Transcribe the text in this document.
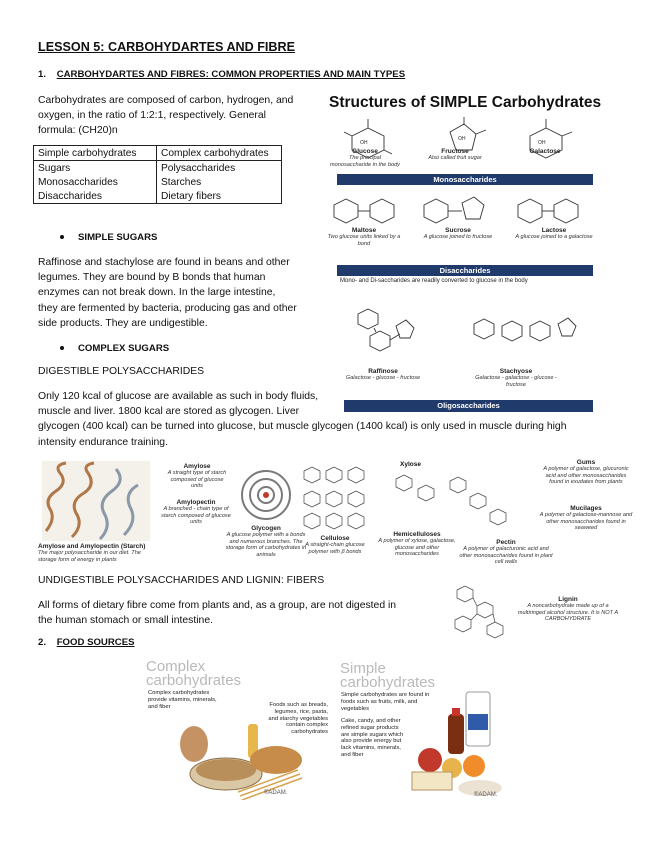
LESSON 5: CARBOHYDARTES AND FIBRE
1. CARBOHYDARTES AND FIBRES: COMMON PROPERTIES AND MAIN TYPES
Carbohydrates are composed of carbon, hydrogen, and
oxygen, in the ratio of 1:2:1, respectively. General
formula: (CH20)n
Simple carbohydrates	Complex carbohydrates
Sugars	Polysaccharides
Monosaccharides	Starches
Disaccharides	Dietary fibers
SIMPLE SUGARS
Raffinose and stachylose are found in beans and other
legumes. They are bound by B bonds that human
enzymes can not break down. In the large intestine,
they are fermented by bacteria, producing gas and other
side products. They are undigestible.
COMPLEX SUGARS
DIGESTIBLE POLYSACCHARIDES
Only 120 kcal of glucose are available as such in body fluids,
muscle and liver. 1800 kcal are stored as glycogen. Liver
glycogen (400 kcal) can be turned into glucose, but muscle glycogen (1400 kcal) is only used in muscle during high
intensity endurance training.
Structures of SIMPLE Carbohydrates
OH
OH
OH
Glucose
The principal monosaccharide in the body
Fructose
Also called fruit sugar
Galactose
Monosaccharides
Maltose
Two glucose units linked by a bond
Sucrose
A glucose joined to fructose
Lactose
A glucose joined to a galactose
Disaccharides
Mono- and Di-saccharides are readily converted to glucose in the body
Raffinose
Galactose - glucose - fructose
Stachyose
Galactose - galactose - glucose - fructose
Oligosaccharides
Amylose
A straight type of starch composed of glucose units
Amylopectin
A branched - chain type of starch composed of glucose units
Amylose and Amylopectin (Starch)
The major polysaccharide in our diet. The storage form of energy in plants
Glycogen
A glucose polymer with a bonds and numerous branches. The storage form of carbohydrates in animals
Cellulose
A straight-chain glucose polymer with β bonds
Xylose
Hemicelluloses
A polymer of xylose, galactose, glucose and other monosaccharides
Pectin
A polymer of galacturonic acid and other monosaccharides found in plant cell walls
Gums
A polymer of galactose, glucuronic acid and other monosaccharides found in exudates from plants
Mucilages
A polymer of galactose-mannose and other monosaccharides found in seaweed
UNDIGESTIBLE POLYSACCHARIDES AND LIGNIN: FIBERS
All forms of dietary fibre come from plants and, as a group, are not digested in
the human stomach or small intestine.
Lignin
A noncarbohydrate made up of a multiringed alcohol structure. It is NOT A CARBOHYDRATE
2. FOOD SOURCES
Complex
carbohydrates
Complex carbohydrates provide vitamins, minerals, and fiber	Foods such as breads, legumes, rice, pasta, and starchy vegetables contain complex carbohydrates
®ADAM.
Simple
carbohydrates
Simple carbohydrates are found in foods such as fruits, milk, and vegetables
Cake, candy, and other refined sugar products are simple sugars which also provide energy but lack vitamins, minerals, and fiber
®ADAM.
